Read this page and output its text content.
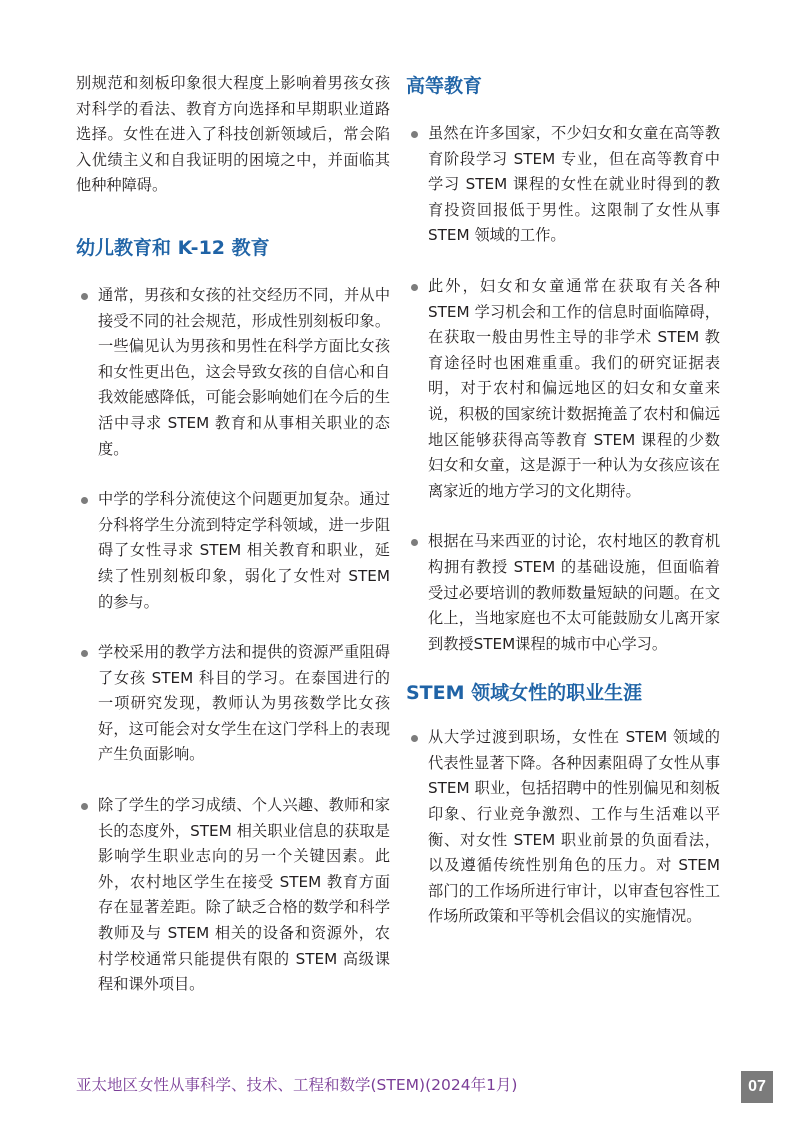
别规范和刻板印象很大程度上影响着男孩女孩对科学的看法、教育方向选择和早期职业道路选择。女性在进入了科技创新领域后，常会陷入优绩主义和自我证明的困境之中，并面临其他种种障碍。

幼儿教育和 K-12 教育
通常，男孩和女孩的社交经历不同，并从中接受不同的社会规范，形成性别刻板印象。一些偏见认为男孩和男性在科学方面比女孩和女性更出色，这会导致女孩的自信心和自我效能感降低，可能会影响她们在今后的生活中寻求 STEM 教育和从事相关职业的态度。
中学的学科分流使这个问题更加复杂。通过分科将学生分流到特定学科领域，进一步阻碍了女性寻求 STEM 相关教育和职业，延续了性别刻板印象，弱化了女性对 STEM 的参与。
学校采用的教学方法和提供的资源严重阻碍了女孩 STEM 科目的学习。在泰国进行的一项研究发现，教师认为男孩数学比女孩好，这可能会对女学生在这门学科上的表现产生负面影响。
除了学生的学习成绩、个人兴趣、教师和家长的态度外，STEM 相关职业信息的获取是影响学生职业志向的另一个关键因素。此外，农村地区学生在接受 STEM 教育方面存在显著差距。除了缺乏合格的数学和科学教师及与 STEM 相关的设备和资源外，农村学校通常只能提供有限的 STEM 高级课程和课外项目。
高等教育
虽然在许多国家，不少妇女和女童在高等教育阶段学习 STEM 专业，但在高等教育中学习 STEM 课程的女性在就业时得到的教育投资回报低于男性。这限制了女性从事 STEM 领域的工作。
此外，妇女和女童通常在获取有关各种 STEM 学习机会和工作的信息时面临障碍，在获取一般由男性主导的非学术 STEM 教育途径时也困难重重。我们的研究证据表明，对于农村和偏远地区的妇女和女童来说，积极的国家统计数据掩盖了农村和偏远地区能够获得高等教育 STEM 课程的少数妇女和女童，这是源于一种认为女孩应该在离家近的地方学习的文化期待。
根据在马来西亚的讨论，农村地区的教育机构拥有教授 STEM 的基础设施，但面临着受过必要培训的教师数量短缺的问题。在文化上，当地家庭也不太可能鼓励女儿离开家到教授STEM课程的城市中心学习。
STEM 领域女性的职业生涯
从大学过渡到职场，女性在 STEM 领域的代表性显著下降。各种因素阻碍了女性从事 STEM 职业，包括招聘中的性别偏见和刻板印象、行业竞争激烈、工作与生活难以平衡、对女性 STEM 职业前景的负面看法，以及遵循传统性别角色的压力。对 STEM 部门的工作场所进行审计，以审查包容性工作场所政策和平等机会倡议的实施情况。
亚太地区女性从事科学、技术、工程和数学(STEM)(2024年1月)	07
